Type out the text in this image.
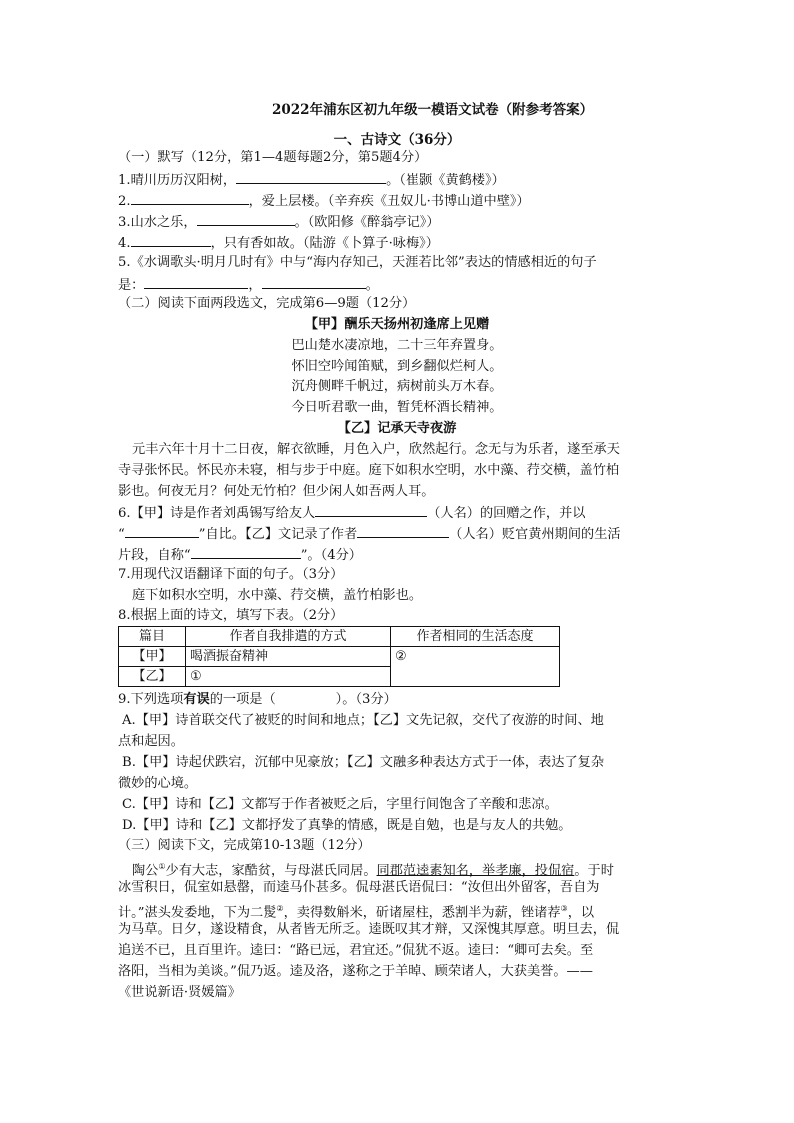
2022年浦东区初九年级一模语文试卷（附参考答案）
一、古诗文（36分）
（一）默写（12分，第1—4题每题2分，第5题4分）
1.晴川历历汉阳树，	。（崔颢《黄鹤楼》）
2.	，爱上层楼。（辛弃疾《丑奴儿·书博山道中壁》）
3.山水之乐，	。（欧阳修《醉翁亭记》）
4.	，只有香如故。（陆游《卜算子·咏梅》）
5.《水调歌头·明月几时有》中与“海内存知己，天涯若比邻”表达的情感相近的句子
是：	，	。
（二）阅读下面两段选文，完成第6—9题（12分）
【甲】酬乐天扬州初逢席上见赠
巴山楚水凄凉地，二十三年弃置身。
怀旧空吟闻笛赋，到乡翻似烂柯人。
沉舟侧畔千帆过，病树前头万木春。
今日听君歌一曲，暂凭杯酒长精神。
【乙】记承天寺夜游
元丰六年十月十二日夜，解衣欲睡，月色入户，欣然起行。念无与为乐者，遂至承天
寺寻张怀民。怀民亦未寝，相与步于中庭。庭下如积水空明，水中藻、荇交横，盖竹柏
影也。何夜无月？何处无竹柏？但少闲人如吾两人耳。
6.【甲】诗是作者刘禹锡写给友人	（人名）的回赠之作，并以
“	”自比。【乙】文记录了作者	（人名）贬官黄州期间的生活
片段，自称“	”。（4分）
7.用现代汉语翻译下面的句子。（3分）
庭下如积水空明，水中藻、荇交横，盖竹柏影也。
8.根据上面的诗文，填写下表。（2分）
篇目	作者自我排遣的方式	作者相同的生活态度
【甲】	喝酒振奋精神	②
【乙】	①	
9.下列选项有误的一项是（	）。（3分）
A.【甲】诗首联交代了被贬的时间和地点；【乙】文先记叙，交代了夜游的时间、地
点和起因。
B.【甲】诗起伏跌宕，沉郁中见豪放；【乙】文融多种表达方式于一体，表达了复杂
微妙的心境。
C.【甲】诗和【乙】文都写于作者被贬之后，字里行间饱含了辛酸和悲凉。
D.【甲】诗和【乙】文都抒发了真挚的情感，既是自勉，也是与友人的共勉。
（三）阅读下文，完成第10-13题（12分）
陶公①少有大志，家酷贫，与母湛氏同居。同郡范逵素知名，举孝廉，投侃宿。于时
冰雪积日，侃室如悬罄，而逵马仆甚多。侃母湛氏语侃曰：“汝但出外留客，吾自为
计。”湛头发委地，下为二髲②，卖得数斛米，斫诸屋柱，悉割半为薪，锉诸荐③，以
为马草。日夕，遂设精食，从者皆无所乏。逵既叹其才辩，又深愧其厚意。明旦去，侃
追送不已，且百里许。逵曰：“路已远，君宜还。”侃犹不返。逵曰：“卿可去矣。至
洛阳，当相为美谈。”侃乃返。逵及洛，遂称之于羊晫、顾荣诸人，大获美誉。——
《世说新语·贤媛篇》
